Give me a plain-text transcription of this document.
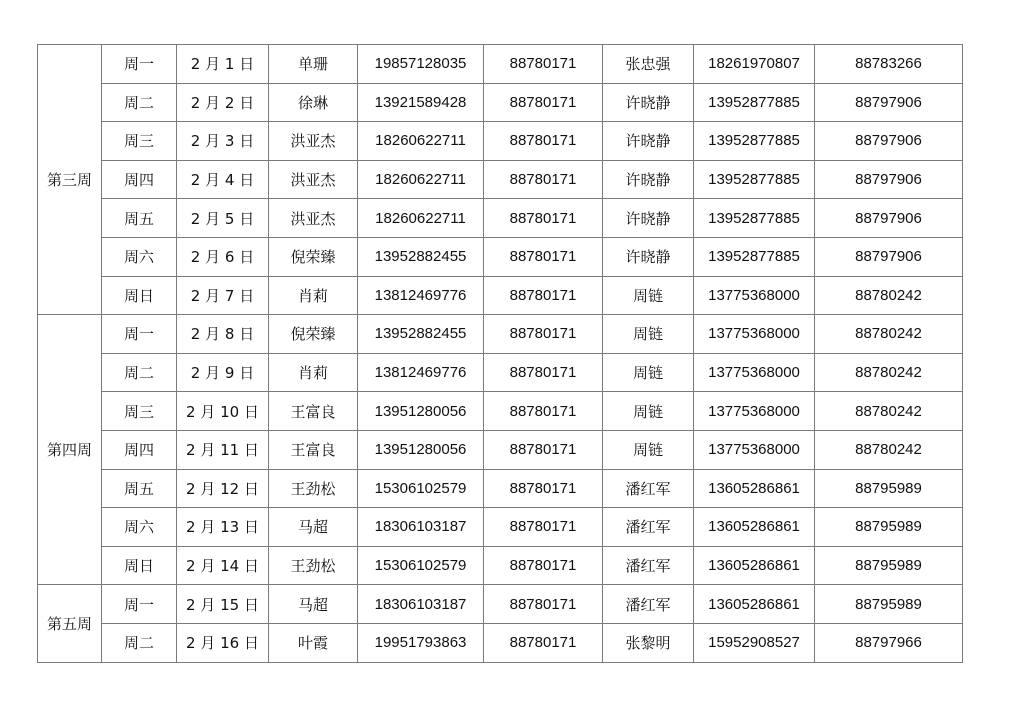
第三周	周一	2 月 1 日	单珊	19857128035	88780171	张忠强	18261970807	88783266
	周二	2 月 2 日	徐琳	13921589428	88780171	许晓静	13952877885	88797906
	周三	2 月 3 日	洪亚杰	18260622711	88780171	许晓静	13952877885	88797906
	周四	2 月 4 日	洪亚杰	18260622711	88780171	许晓静	13952877885	88797906
	周五	2 月 5 日	洪亚杰	18260622711	88780171	许晓静	13952877885	88797906
	周六	2 月 6 日	倪荣臻	13952882455	88780171	许晓静	13952877885	88797906
	周日	2 月 7 日	肖莉	13812469776	88780171	周链	13775368000	88780242
第四周	周一	2 月 8 日	倪荣臻	13952882455	88780171	周链	13775368000	88780242
	周二	2 月 9 日	肖莉	13812469776	88780171	周链	13775368000	88780242
	周三	2 月 10 日	王富良	13951280056	88780171	周链	13775368000	88780242
	周四	2 月 11 日	王富良	13951280056	88780171	周链	13775368000	88780242
	周五	2 月 12 日	王劲松	15306102579	88780171	潘红军	13605286861	88795989
	周六	2 月 13 日	马超	18306103187	88780171	潘红军	13605286861	88795989
	周日	2 月 14 日	王劲松	15306102579	88780171	潘红军	13605286861	88795989
第五周	周一	2 月 15 日	马超	18306103187	88780171	潘红军	13605286861	88795989
	周二	2 月 16 日	叶霞	19951793863	88780171	张黎明	15952908527	88797966
